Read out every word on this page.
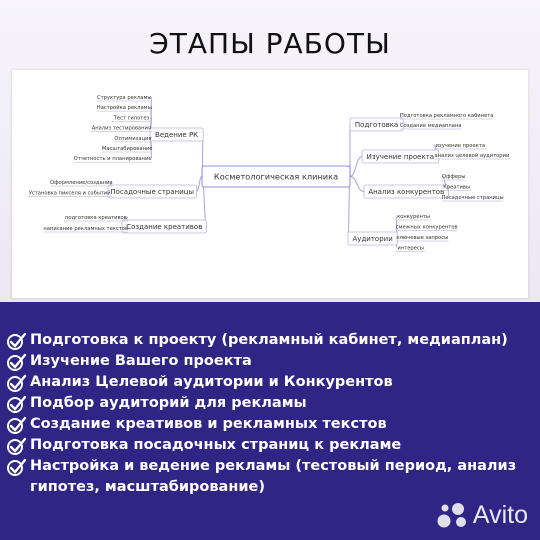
ЭТАПЫ РАБОТЫ
Косметологическая клиника
Ведение РК
Структура рекламы
Настройка рекламы
Тест гипотез
Анализ тестирования
Оптимизация
Масштабирование
Отчетность и планирование
Посадочные страницы
Оформление/создание
Установка пикселя и событий
Создание креативов
подготовка креативов
написание рекламных текстов
Подготовка
Подготовка рекламного кабинета
Создание медиаплана
Изучение проекта
изучение проекта
анализ целевой аудитории
Анализ конкурентов
Офферы
Креативы
Посадочные страницы
Аудитории
конкуренты
смежных конкурентов
ключевые запросы
интересы
Подготовка к проекту (рекламный кабинет, медиаплан)
Изучение Вашего проекта
Анализ Целевой аудитории и Конкурентов
Подбор аудиторий для рекламы
Создание креативов и рекламных текстов
Подготовка посадочных страниц к рекламе
Настройка и ведение рекламы (тестовый период, анализ гипотез, масштабирование)
Avito
